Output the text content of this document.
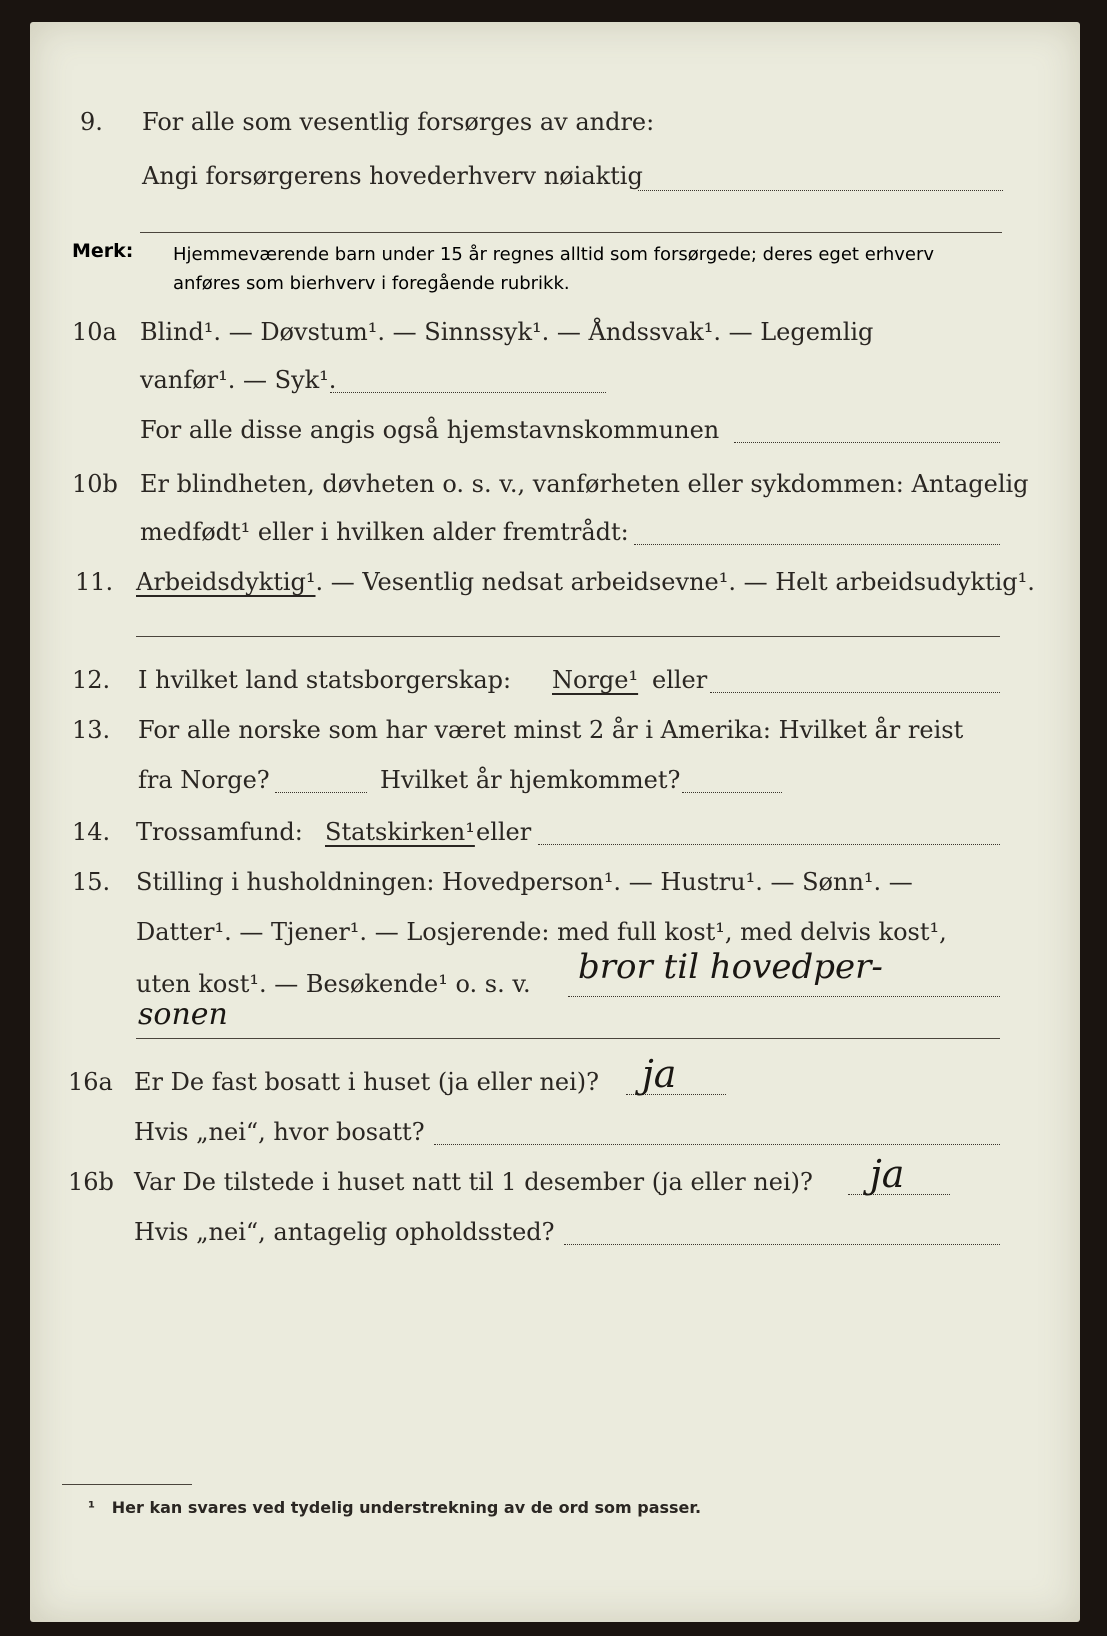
9. For alle som vesentlig forsørges av andre:
Angi forsørgerens hovederhverv nøiaktig
Merk: Hjemmeværende barn under 15 år regnes alltid som forsørgede; deres eget erhverv
anføres som bierhverv i foregående rubrikk.
10a Blind¹. — Døvstum¹. — Sinnssyk¹. — Åndssvak¹. — Legemlig
vanfør¹. — Syk¹.
For alle disse angis også hjemstavnskommunen
10b Er blindheten, døvheten o. s. v., vanførheten eller sykdommen: Antagelig
medfødt¹ eller i hvilken alder fremtrådt:
11. Arbeidsdyktig¹. — Vesentlig nedsat arbeidsevne¹. — Helt arbeidsudyktig¹.
12. I hvilket land statsborgerskap: Norge¹ eller
13. For alle norske som har været minst 2 år i Amerika: Hvilket år reist
fra Norge?	Hvilket år hjemkommet?
14. Trossamfund: Statskirken¹ eller
15. Stilling i husholdningen: Hovedperson¹. — Hustru¹. — Sønn¹. —
Datter¹. — Tjener¹. — Losjerende: med full kost¹, med delvis kost¹,
uten kost¹. — Besøkende¹ o. s. v. bror til hovedper-
sonen
16a Er De fast bosatt i huset (ja eller nei)? ja
Hvis „nei“, hvor bosatt?
16b Var De tilstede i huset natt til 1 desember (ja eller nei)? ja
Hvis „nei“, antagelig opholdssted?
¹ Her kan svares ved tydelig understrekning av de ord som passer.
